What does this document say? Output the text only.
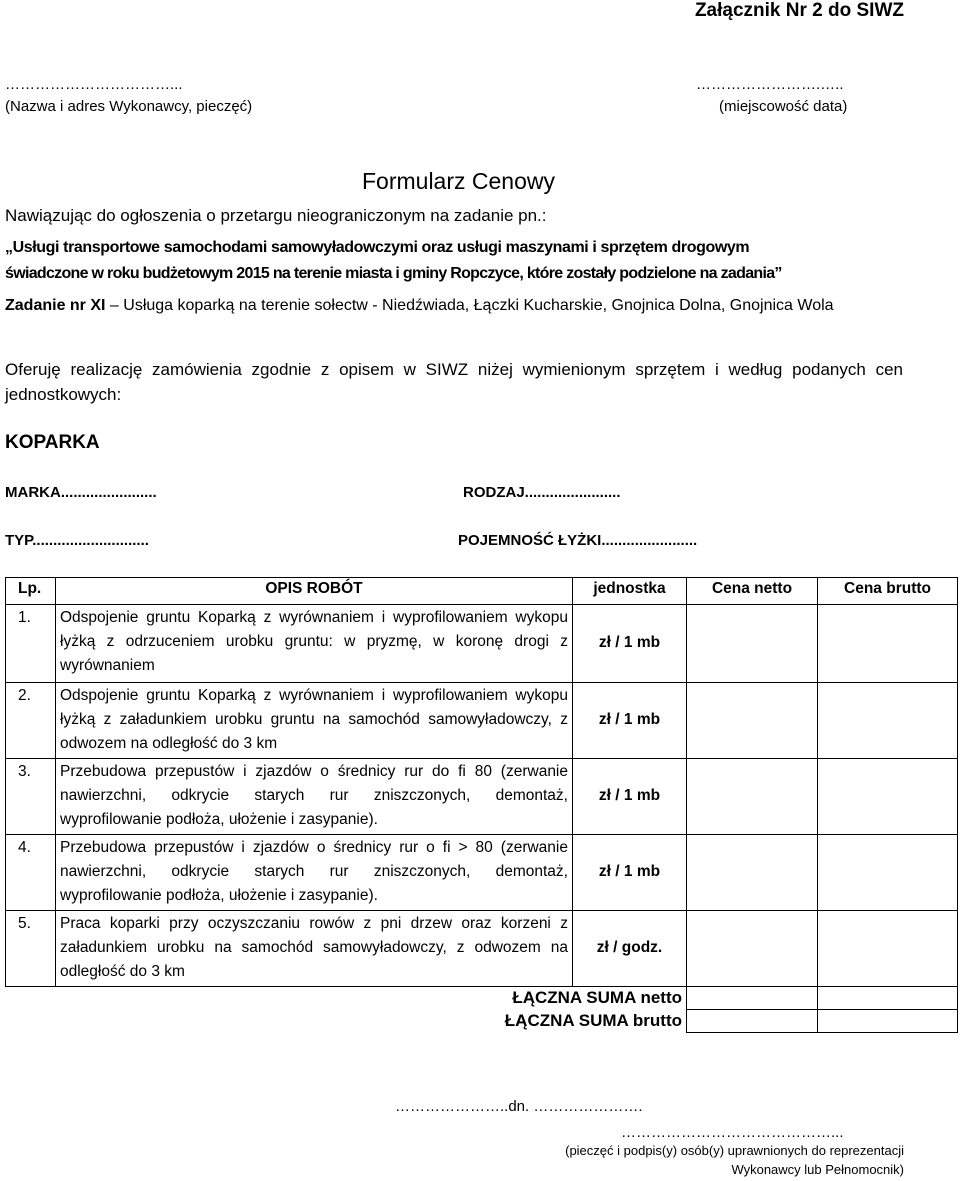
Załącznik Nr 2 do SIWZ
……………………………...
(Nazwa i adres Wykonawcy, pieczęć)
…………………….…..
(miejscowość data)
Formularz Cenowy
Nawiązując do ogłoszenia o przetargu nieograniczonym na zadanie pn.:
„Usługi transportowe samochodami samowyładowczymi oraz usługi maszynami i sprzętem drogowym
świadczone w roku budżetowym 2015 na terenie miasta i gminy Ropczyce, które zostały podzielone na zadania”
Zadanie nr XI – Usługa koparką na terenie sołectw - Niedźwiada, Łączki Kucharskie, Gnojnica Dolna, Gnojnica Wola
Oferuję realizację zamówienia zgodnie z opisem w SIWZ niżej wymienionym sprzętem i według podanych cen jednostkowych:
KOPARKA
MARKA.......................	RODZAJ.......................
TYP............................	POJEMNOŚĆ ŁYŻKI.......................
Lp.	OPIS ROBÓT	jednostka	Cena netto	Cena brutto
1.	Odspojenie gruntu Koparką z wyrównaniem i wyprofilowaniem wykopu łyżką z odrzuceniem urobku gruntu: w pryzmę, w koronę drogi z wyrównaniem	zł / 1 mb		
2.	Odspojenie gruntu Koparką z wyrównaniem i wyprofilowaniem wykopu łyżką z załadunkiem urobku gruntu na samochód samowyładowczy, z odwozem na odległość do 3 km	zł / 1 mb		
3.	Przebudowa przepustów i zjazdów o średnicy rur do fi 80 (zerwanie nawierzchni, odkrycie starych rur zniszczonych, demontaż, wyprofilowanie podłoża, ułożenie i zasypanie).	zł / 1 mb		
4.	Przebudowa przepustów i zjazdów o średnicy rur o fi > 80 (zerwanie nawierzchni, odkrycie starych rur zniszczonych, demontaż, wyprofilowanie podłoża, ułożenie i zasypanie).	zł / 1 mb		
5.	Praca koparki przy oczyszczaniu rowów z pni drzew oraz korzeni z załadunkiem urobku na samochód samowyładowczy, z odwozem na odległość do 3 km	zł / godz.		
ŁĄCZNA SUMA netto				
ŁĄCZNA SUMA brutto				
…………………..dn. ………………….
……………………………………...
(pieczęć i podpis(y) osób(y) uprawnionych do reprezentacji
Wykonawcy lub Pełnomocnik)
